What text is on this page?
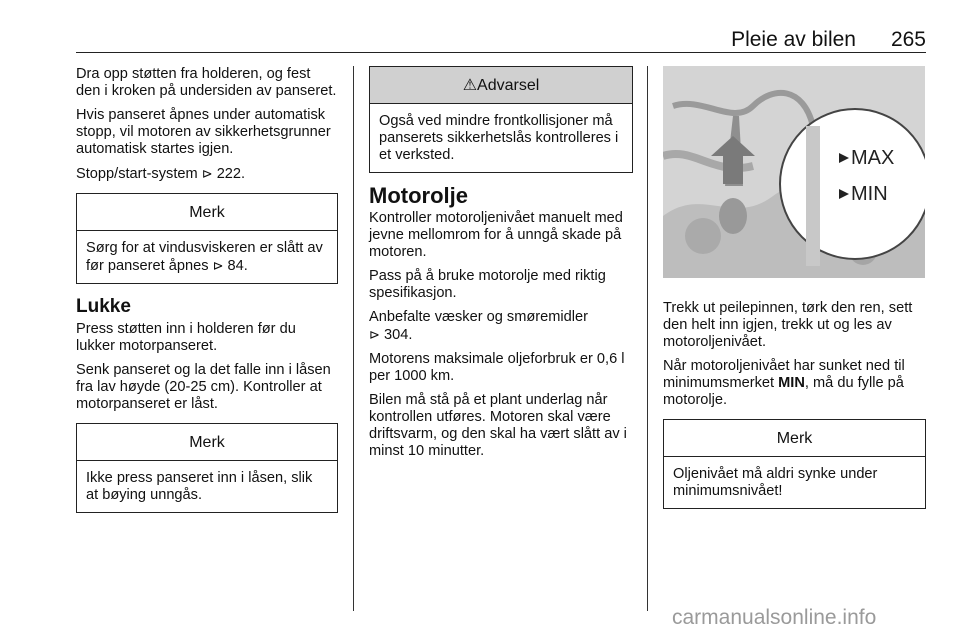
Pleie av bilen 265

Dra opp støtten fra holderen, og fest den i kroken på undersiden av panseret.

Hvis panseret åpnes under automatisk stopp, vil motoren av sikkerhetsgrunner automatisk startes igjen.

Stopp/start-system ⊳ 222.

Merk
Sørg for at vindusviskeren er slått av før panseret åpnes ⊳ 84.
Lukke

Press støtten inn i holderen før du lukker motorpanseret.

Senk panseret og la det falle inn i låsen fra lav høyde (20-25 cm). Kontroller at motorpanseret er låst.

Merk
Ikke press panseret inn i låsen, slik at bøying unngås.
⚠Advarsel
Også ved mindre frontkollisjoner må panserets sikkerhetslås kontrolleres i et verksted.
Motorolje

Kontroller motoroljenivået manuelt med jevne mellomrom for å unngå skade på motoren.

Pass på å bruke motorolje med riktig spesifikasjon.

Anbefalte væsker og smøremidler
⊳ 304.

Motorens maksimale oljeforbruk er 0,6 l per 1000 km.

Bilen må stå på et plant underlag når kontrollen utføres. Motoren skal være driftsvarm, og den skal ha vært slått av i minst 10 minutter.

MAX
MIN

Trekk ut peilepinnen, tørk den ren, sett den helt inn igjen, trekk ut og les av motoroljenivået.

Når motoroljenivået har sunket ned til minimumsmerket MIN, må du fylle på motorolje.

Merk
Oljenivået må aldri synke under minimumsnivået!
carmanualsonline.info
